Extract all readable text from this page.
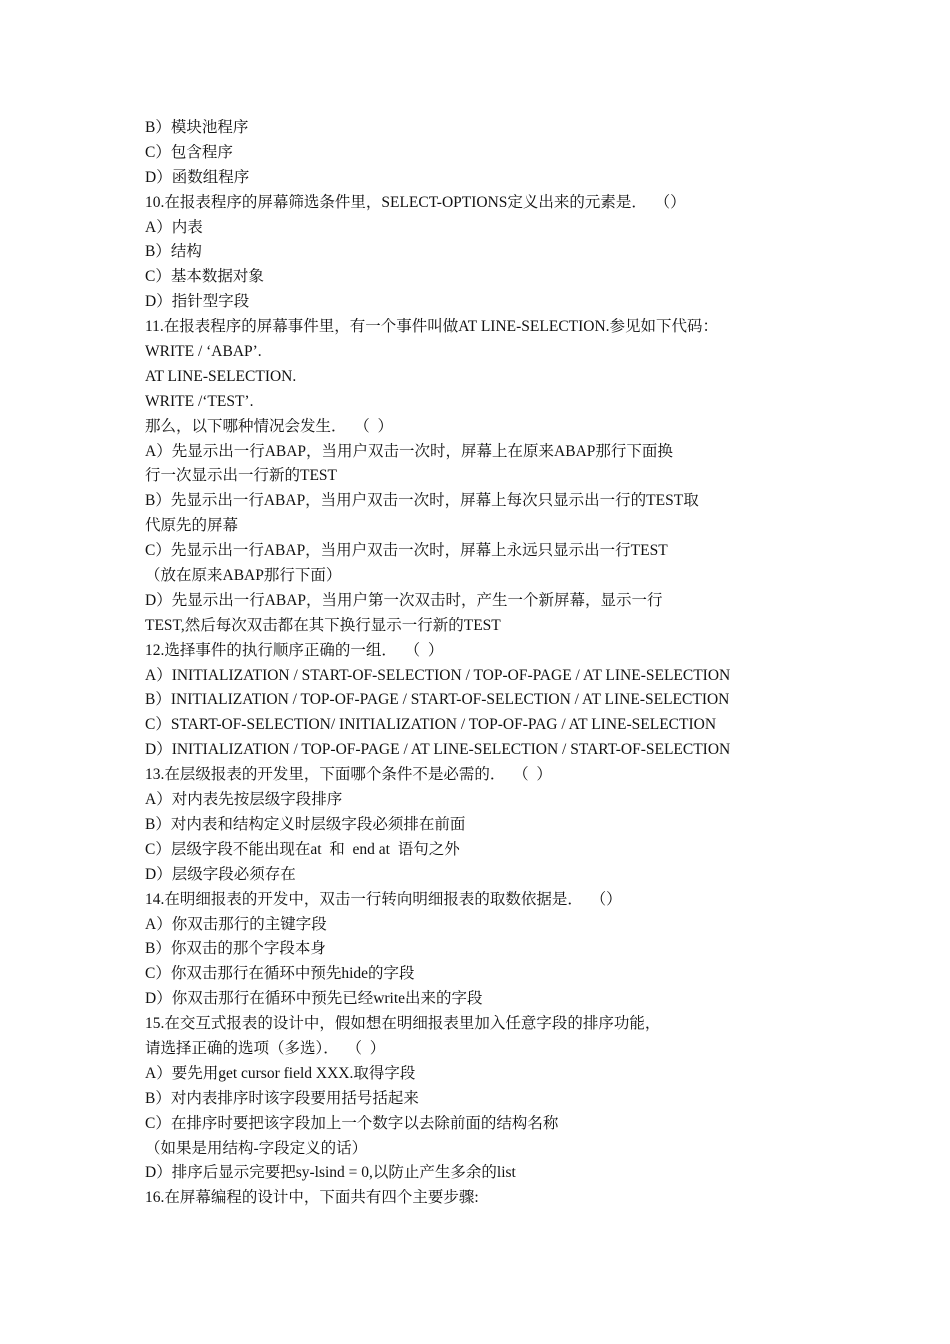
B）模块池程序
C）包含程序
D）函数组程序
10.在报表程序的屏幕筛选条件里，SELECT-OPTIONS定义出来的元素是．  （）
A）内表
B）结构
C）基本数据对象
D）指针型字段
11.在报表程序的屏幕事件里，有一个事件叫做AT LINE-SELECTION.参见如下代码：
WRITE / ‘ABAP’.
AT LINE-SELECTION.
WRITE /‘TEST’.
那么，以下哪种情况会发生．  （  ）
A）先显示出一行ABAP，当用户双击一次时，屏幕上在原来ABAP那行下面换
行一次显示出一行新的TEST
B）先显示出一行ABAP，当用户双击一次时，屏幕上每次只显示出一行的TEST取
代原先的屏幕
C）先显示出一行ABAP，当用户双击一次时，屏幕上永远只显示出一行TEST
（放在原来ABAP那行下面）
D）先显示出一行ABAP，当用户第一次双击时，产生一个新屏幕，显示一行
TEST,然后每次双击都在其下换行显示一行新的TEST
12.选择事件的执行顺序正确的一组．  （  ）
A）INITIALIZATION / START-OF-SELECTION / TOP-OF-PAGE / AT LINE-SELECTION
B）INITIALIZATION / TOP-OF-PAGE / START-OF-SELECTION / AT LINE-SELECTION
C）START-OF-SELECTION/ INITIALIZATION / TOP-OF-PAG / AT LINE-SELECTION
D）INITIALIZATION / TOP-OF-PAGE / AT LINE-SELECTION / START-OF-SELECTION
13.在层级报表的开发里，下面哪个条件不是必需的．  （  ）
A）对内表先按层级字段排序
B）对内表和结构定义时层级字段必须排在前面
C）层级字段不能出现在at  和  end at  语句之外
D）层级字段必须存在
14.在明细报表的开发中，双击一行转向明细报表的取数依据是．  （）
A）你双击那行的主键字段
B）你双击的那个字段本身
C）你双击那行在循环中预先hide的字段
D）你双击那行在循环中预先已经write出来的字段
15.在交互式报表的设计中，假如想在明细报表里加入任意字段的排序功能，
请选择正确的选项（多选）．  （  ）
A）要先用get cursor field XXX.取得字段
B）对内表排序时该字段要用括号括起来
C）在排序时要把该字段加上一个数字以去除前面的结构名称
（如果是用结构-字段定义的话）
D）排序后显示完要把sy-lsind = 0,以防止产生多余的list
16.在屏幕编程的设计中，下面共有四个主要步骤:
